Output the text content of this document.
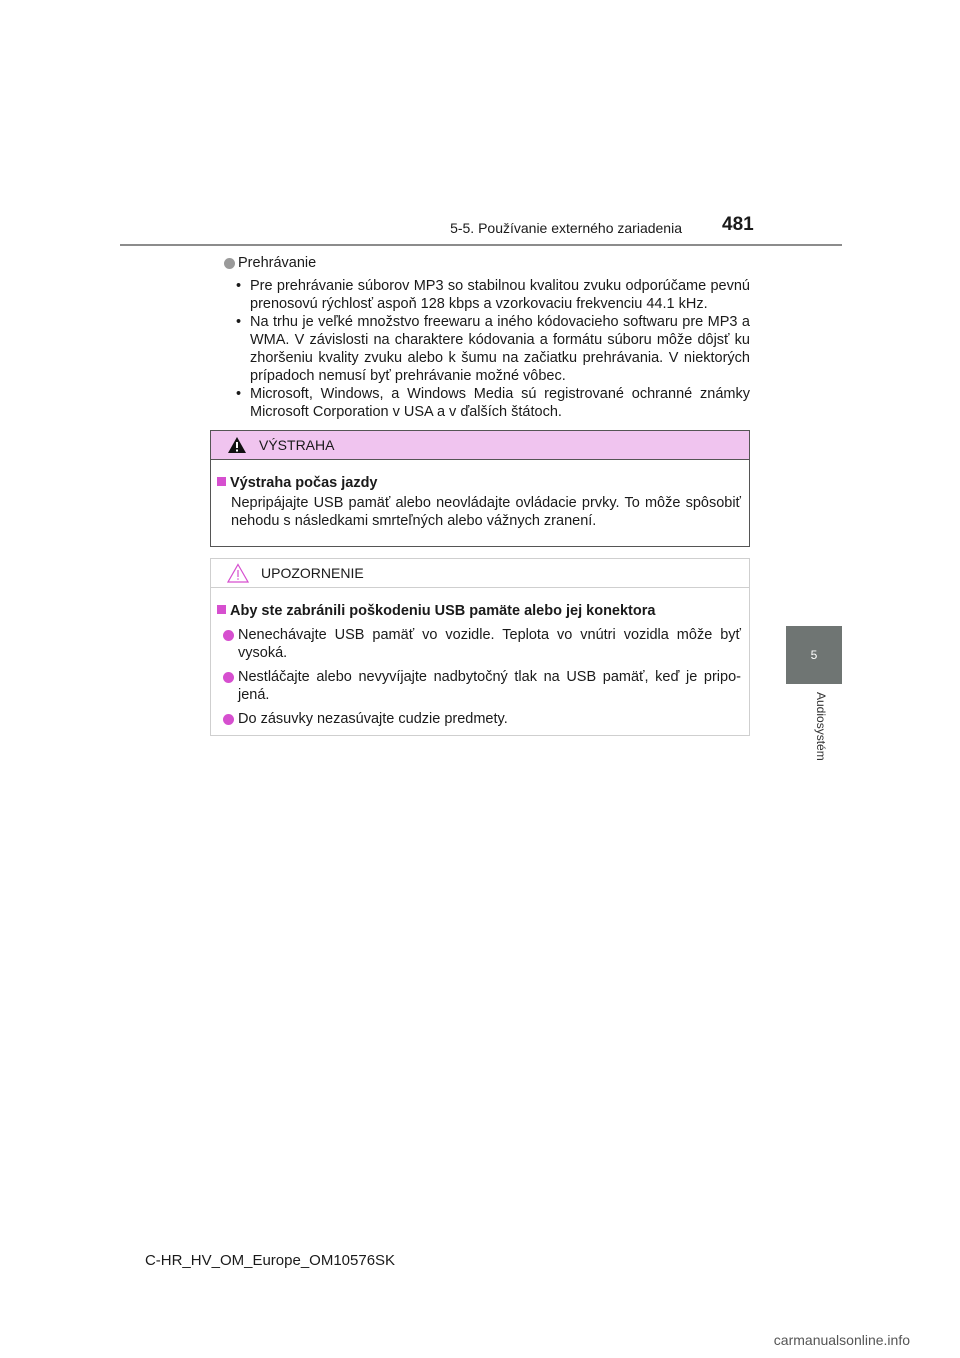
5-5. Používanie externého zariadenia 481
5
Audiosystém
Prehrávanie
• Pre prehrávanie súborov MP3 so stabilnou kvalitou zvuku odporúčame pevnú prenosovú rýchlosť aspoň 128 kbps a vzorkovaciu frekvenciu 44.1 kHz.
• Na trhu je veľké množstvo freewaru a iného kódovacieho softwaru pre MP3 a WMA. V závislosti na charaktere kódovania a formátu súboru môže dôjsť ku zhoršeniu kvality zvuku alebo k šumu na začiatku prehrávania. V niektorých prípadoch nemusí byť prehrávanie možné vôbec.
• Microsoft, Windows, a Windows Media sú registrované ochranné známky Microsoft Corporation v USA a v ďalších štátoch.
VÝSTRAHA
Výstraha počas jazdy
Nepripájajte USB pamäť alebo neovládajte ovládacie prvky. To môže spôsobiť nehodu s následkami smrteľných alebo vážnych zranení.
UPOZORNENIE
Aby ste zabránili poškodeniu USB pamäte alebo jej konektora
Nenechávajte USB pamäť vo vozidle. Teplota vo vnútri vozidla môže byť vysoká.
Nestláčajte alebo nevyvíjajte nadbytočný tlak na USB pamäť, keď je pripojená.
Do zásuvky nezasúvajte cudzie predmety.
C-HR_HV_OM_Europe_OM10576SK
carmanualsonline.info
